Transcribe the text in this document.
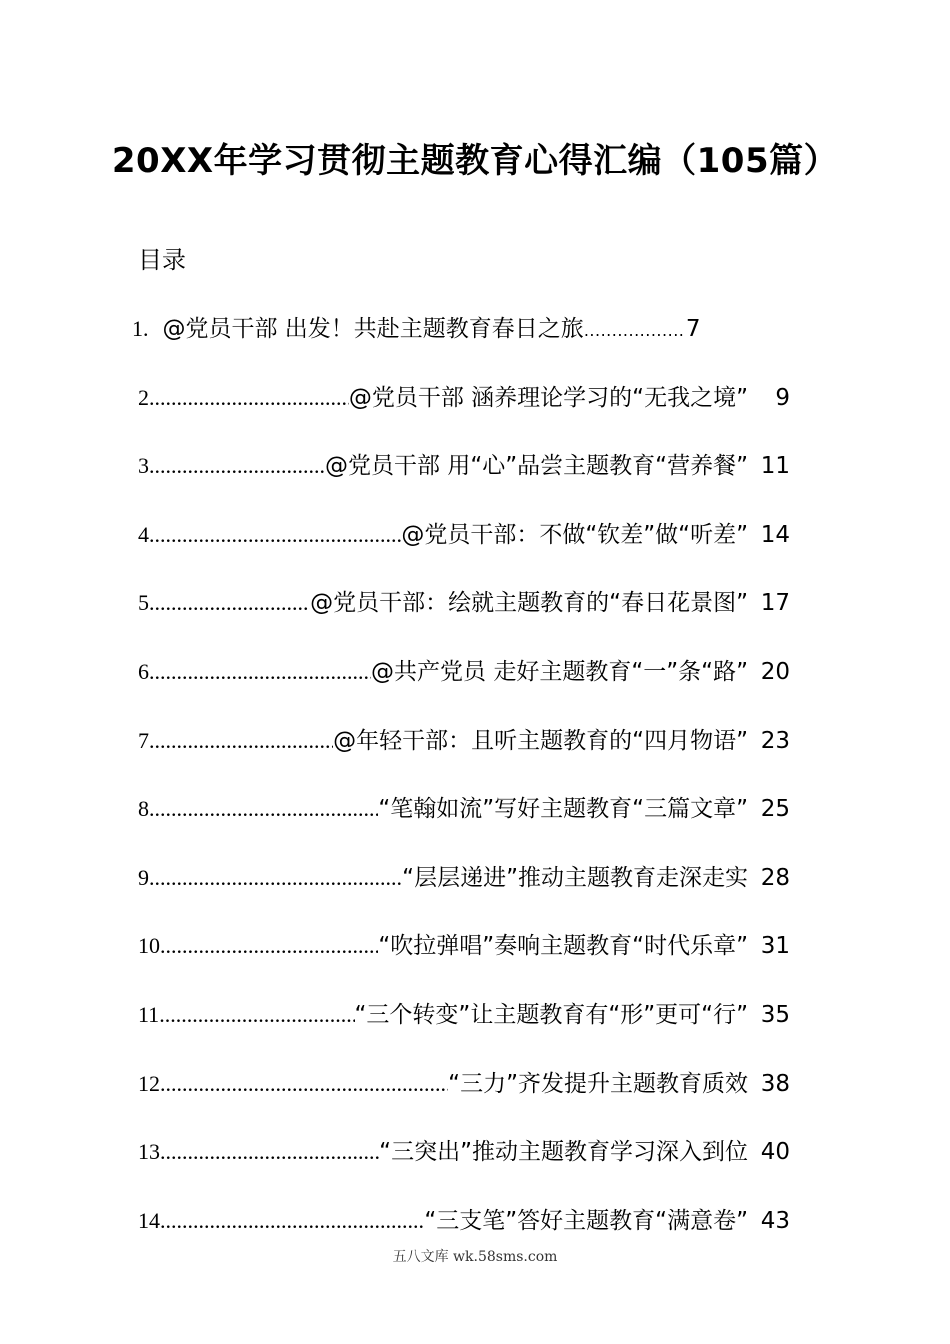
20XX年学习贯彻主题教育心得汇编（105篇）
目录
1. @党员干部 出发！共赴主题教育春日之旅 .....	7
2 .....	@党员干部 涵养理论学习的“无我之境”	9
3 .....	@党员干部 用“心”品尝主题教育“营养餐” 11
4 .....	@党员干部：不做“钦差”做“听差” 14
5 .....	@党员干部：绘就主题教育的“春日花景图” 17
6 .....	@共产党员 走好主题教育“一”条“路” 20
7 .....	@年轻干部：且听主题教育的“四月物语” 23
8 .....	“笔翰如流”写好主题教育“三篇文章” 25
9 .....	“层层递进”推动主题教育走深走实 28
10 .....	“吹拉弹唱”奏响主题教育“时代乐章” 31
11 .....	“三个转变”让主题教育有“形”更可“行” 35
12 .....	“三力”齐发提升主题教育质效 38
13 .....	“三突出”推动主题教育学习深入到位 40
14 .....	“三支笔”答好主题教育“满意卷” 43
五八文库 wk.58sms.com
